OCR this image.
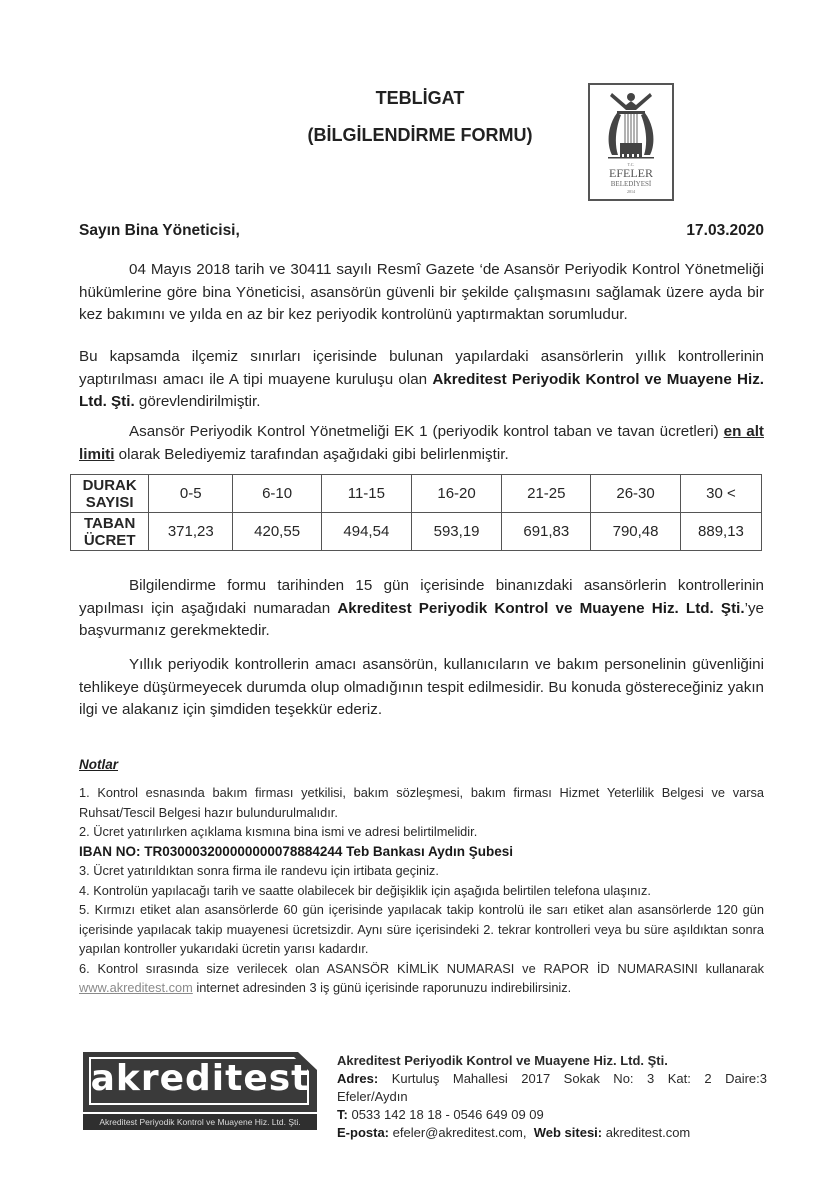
TEBLİGAT
(BİLGİLENDİRME FORMU)
T.C.
EFELER
BELEDİYESİ
2014
Sayın Bina Yöneticisi,	17.03.2020
04 Mayıs 2018 tarih ve 30411 sayılı Resmî Gazete ‘de Asansör Periyodik Kontrol Yönetmeliği hükümlerine göre bina Yöneticisi, asansörün güvenli bir şekilde çalışmasını sağlamak üzere ayda bir kez bakımını ve yılda en az bir kez periyodik kontrolünü yaptırmaktan sorumludur.
Bu kapsamda ilçemiz sınırları içerisinde bulunan yapılardaki asansörlerin yıllık kontrollerinin yaptırılması amacı ile A tipi muayene kuruluşu olan Akreditest Periyodik Kontrol ve Muayene Hiz. Ltd. Şti. görevlendirilmiştir.
Asansör Periyodik Kontrol Yönetmeliği EK 1 (periyodik kontrol taban ve tavan ücretleri) en alt limiti olarak Belediyemiz tarafından aşağıdaki gibi belirlenmiştir.
DURAK
SAYISI	0-5	6-10	11-15	16-20	21-25	26-30	30 <
TABAN
ÜCRET	371,23	420,55	494,54	593,19	691,83	790,48	889,13
Bilgilendirme formu tarihinden 15 gün içerisinde binanızdaki asansörlerin kontrollerinin yapılması için aşağıdaki numaradan Akreditest Periyodik Kontrol ve Muayene Hiz. Ltd. Şti.’ye başvurmanız gerekmektedir.
Yıllık periyodik kontrollerin amacı asansörün, kullanıcıların ve bakım personelinin güvenliğini tehlikeye düşürmeyecek durumda olup olmadığının tespit edilmesidir. Bu konuda göstereceğiniz yakın ilgi ve alakanız için şimdiden teşekkür ederiz.
Notlar
1. Kontrol esnasında bakım firması yetkilisi, bakım sözleşmesi, bakım firması Hizmet Yeterlilik Belgesi ve varsa Ruhsat/Tescil Belgesi hazır bulundurulmalıdır.
2. Ücret yatırılırken açıklama kısmına bina ismi ve adresi belirtilmelidir.
IBAN NO: TR030003200000000078884244 Teb Bankası Aydın Şubesi
3. Ücret yatırıldıktan sonra firma ile randevu için irtibata geçiniz.
4. Kontrolün yapılacağı tarih ve saatte olabilecek bir değişiklik için aşağıda belirtilen telefona ulaşınız.
5. Kırmızı etiket alan asansörlerde 60 gün içerisinde yapılacak takip kontrolü ile sarı etiket alan asansörlerde 120 gün içerisinde yapılacak takip muayenesi ücretsizdir. Aynı süre içerisindeki 2. tekrar kontrolleri veya bu süre aşıldıktan sonra yapılan kontroller yukarıdaki ücretin yarısı kadardır.
6. Kontrol sırasında size verilecek olan ASANSÖR KİMLİK NUMARASI ve RAPOR İD NUMARASINI kullanarak www.akreditest.com internet adresinden 3 iş günü içerisinde raporunuzu indirebilirsiniz.
akreditest
Akreditest Periyodik Kontrol ve Muayene Hiz. Ltd. Şti.
Akreditest Periyodik Kontrol ve Muayene Hiz. Ltd. Şti.
Adres: Kurtuluş Mahallesi 2017 Sokak No: 3 Kat: 2 Daire:3
Efeler/Aydın
T: 0533 142 18 18 - 0546 649 09 09
E-posta: efeler@akreditest.com, Web sitesi: akreditest.com
